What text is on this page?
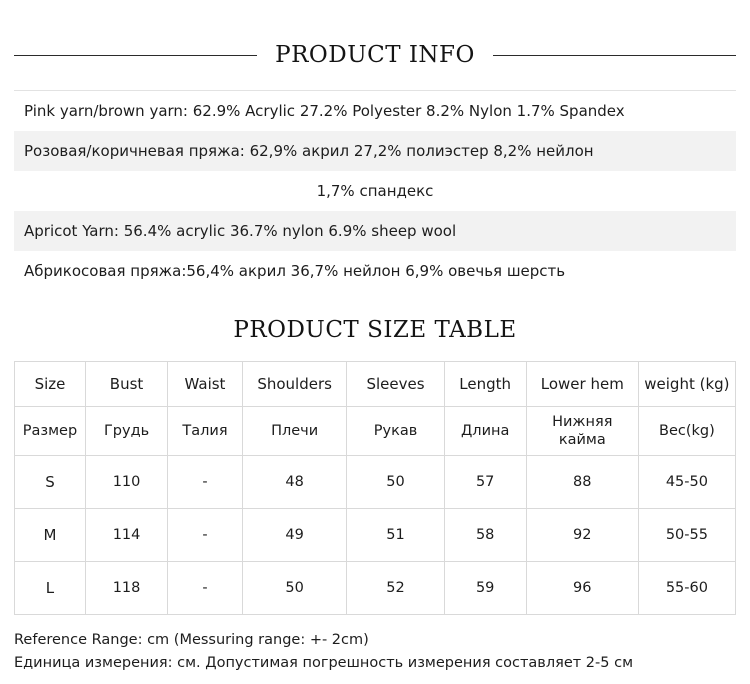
PRODUCT INFO
Pink yarn/brown yarn: 62.9% Acrylic 27.2% Polyester 8.2% Nylon 1.7% Spandex
Розовая/коричневая пряжа: 62,9% акрил 27,2% полиэстер 8,2% нейлон
1,7% спандекс
Apricot Yarn: 56.4% acrylic 36.7% nylon 6.9% sheep wool
Абрикосовая пряжа:56,4% акрил 36,7% нейлон 6,9% овечья шерсть
PRODUCT SIZE TABLE
Size	Bust	Waist	Shoulders	Sleeves	Length	Lower hem	weight (kg)
Размер	Грудь	Талия	Плечи	Рукав	Длина	Нижняя кайма	Вес(kg)
S	110	-	48	50	57	88	45-50
M	114	-	49	51	58	92	50-55
L	118	-	50	52	59	96	55-60
Reference Range: cm (Messuring range: +- 2cm)
Единица измерения: см. Допустимая погрешность измерения составляет 2-5 см
